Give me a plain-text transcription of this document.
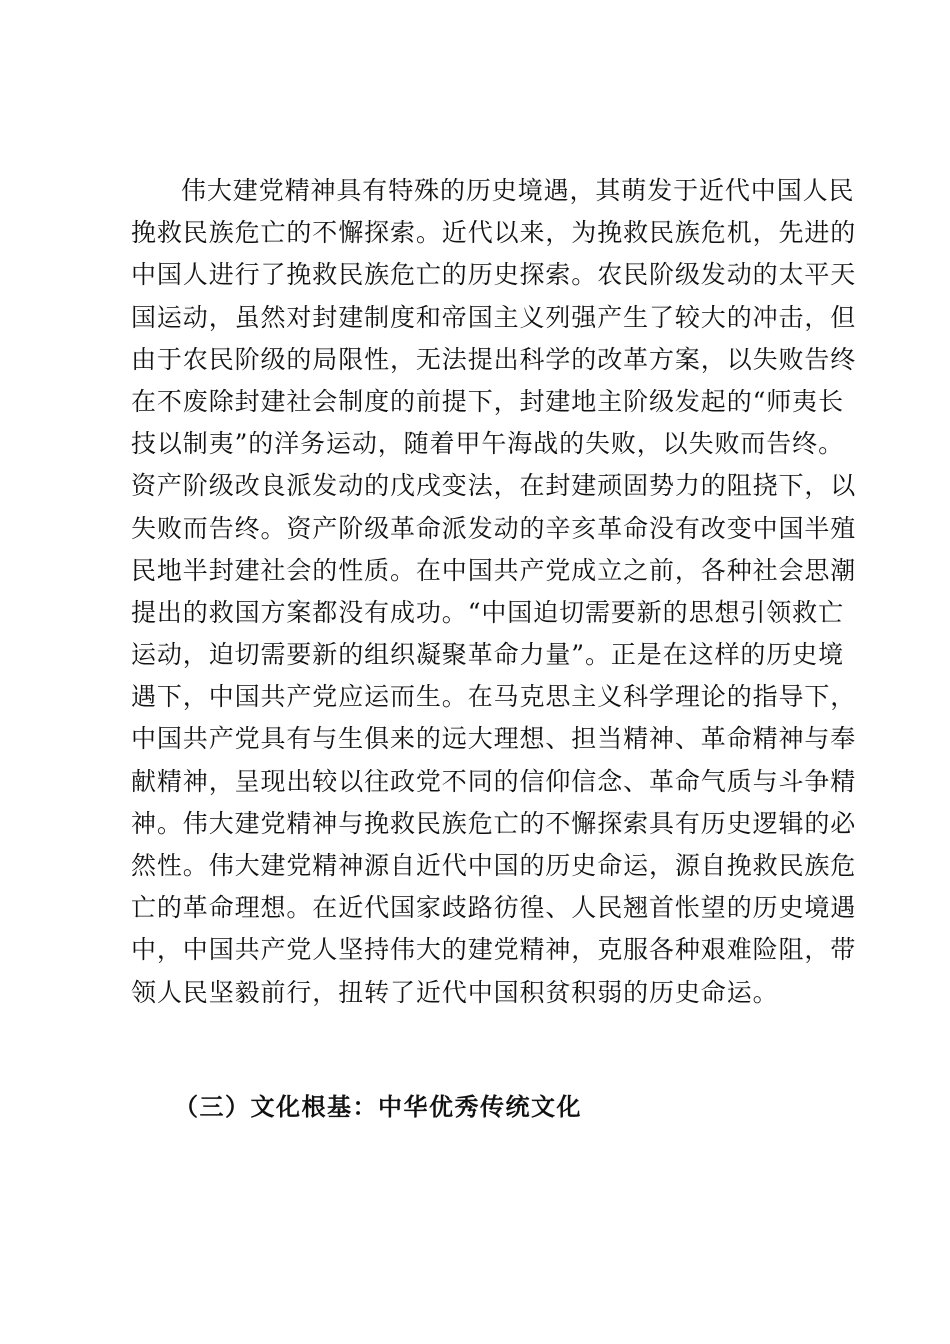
伟大建党精神具有特殊的历史境遇，其萌发于近代中国人民
挽救民族危亡的不懈探索。近代以来，为挽救民族危机，先进的
中国人进行了挽救民族危亡的历史探索。农民阶级发动的太平天
国运动，虽然对封建制度和帝国主义列强产生了较大的冲击，但
由于农民阶级的局限性，无法提出科学的改革方案，以失败告终
在不废除封建社会制度的前提下，封建地主阶级发起的“师夷长
技以制夷”的洋务运动，随着甲午海战的失败，以失败而告终。
资产阶级改良派发动的戊戌变法，在封建顽固势力的阻挠下，以
失败而告终。资产阶级革命派发动的辛亥革命没有改变中国半殖
民地半封建社会的性质。在中国共产党成立之前，各种社会思潮
提出的救国方案都没有成功。“中国迫切需要新的思想引领救亡
运动，迫切需要新的组织凝聚革命力量”。正是在这样的历史境
遇下，中国共产党应运而生。在马克思主义科学理论的指导下，
中国共产党具有与生俱来的远大理想、担当精神、革命精神与奉
献精神，呈现出较以往政党不同的信仰信念、革命气质与斗争精
神。伟大建党精神与挽救民族危亡的不懈探索具有历史逻辑的必
然性。伟大建党精神源自近代中国的历史命运，源自挽救民族危
亡的革命理想。在近代国家歧路彷徨、人民翘首怅望的历史境遇
中，中国共产党人坚持伟大的建党精神，克服各种艰难险阻，带
领人民坚毅前行，扭转了近代中国积贫积弱的历史命运。
（三）文化根基：中华优秀传统文化
